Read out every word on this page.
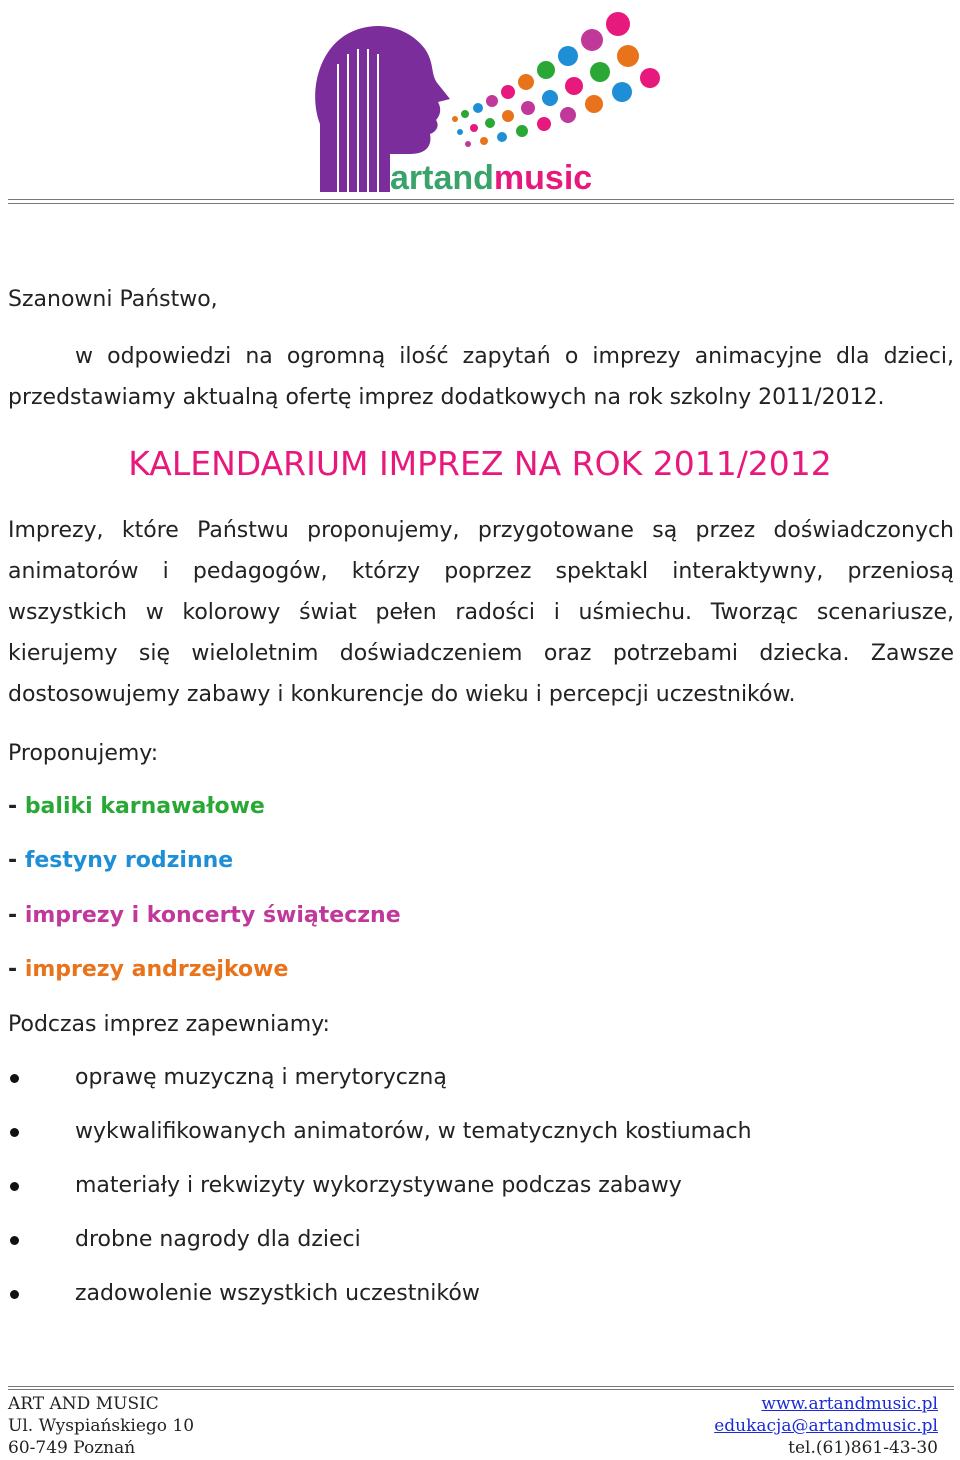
artandmusic
Szanowni Państwo,
w odpowiedzi na ogromną ilość zapytań o imprezy animacyjne dla dzieci,
przedstawiamy aktualną ofertę imprez dodatkowych na rok szkolny 2011/2012.
KALENDARIUM IMPREZ NA ROK 2011/2012
Imprezy, które Państwu proponujemy, przygotowane są przez doświadczonych
animatorów i pedagogów, którzy poprzez spektakl interaktywny, przeniosą
wszystkich w kolorowy świat pełen radości i uśmiechu. Tworząc scenariusze,
kierujemy się wieloletnim doświadczeniem oraz potrzebami dziecka. Zawsze
dostosowujemy zabawy i konkurencje do wieku i percepcji uczestników.
Proponujemy:
- baliki karnawałowe
- festyny rodzinne
- imprezy i koncerty świąteczne
- imprezy andrzejkowe
Podczas imprez zapewniamy:
oprawę muzyczną i merytoryczną
wykwalifikowanych animatorów, w tematycznych kostiumach
materiały i rekwizyty wykorzystywane podczas zabawy
drobne nagrody dla dzieci
zadowolenie wszystkich uczestników
ART AND MUSIC
Ul. Wyspiańskiego 10
60-749 Poznań
www.artandmusic.pl
edukacja@artandmusic.pl
tel.(61)861-43-30
